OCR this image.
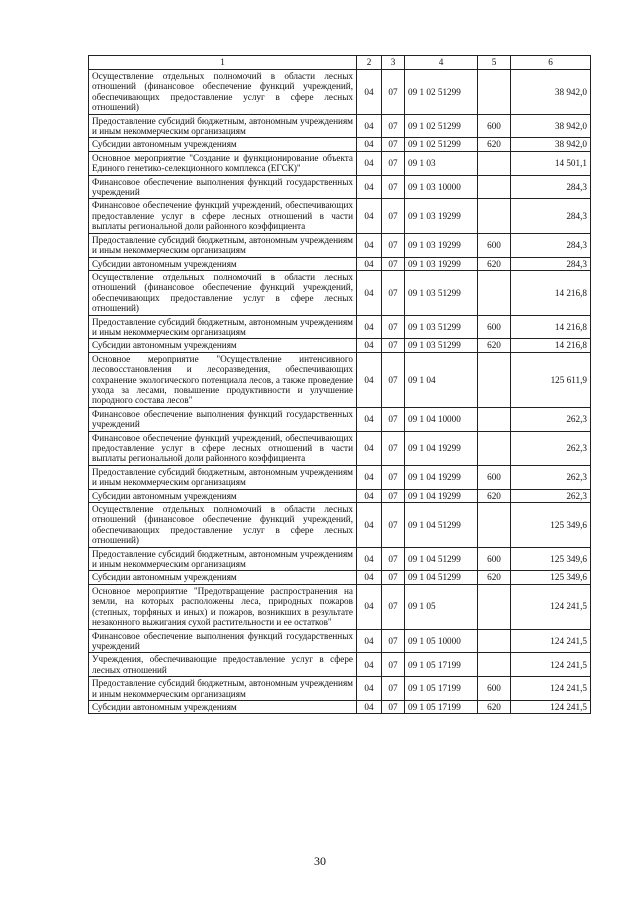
1	2	3	4	5	6
Осуществление отдельных полномочий в области лесных отношений (финансовое обеспечение функций учреждений, обеспечивающих предоставление услуг в сфере лесных отношений)	04	07	09 1 02 51299		38 942,0
Предоставление субсидий бюджетным, автономным учреждениям и иным некоммерческим организациям	04	07	09 1 02 51299	600	38 942,0
Субсидии автономным учреждениям	04	07	09 1 02 51299	620	38 942,0
Основное мероприятие "Создание и функционирование объекта Единого генетико-селекционного комплекса (ЕГСК)"	04	07	09 1 03		14 501,1
Финансовое обеспечение выполнения функций государственных учреждений	04	07	09 1 03 10000		284,3
Финансовое обеспечение функций учреждений, обеспечивающих предоставление услуг в сфере лесных отношений в части выплаты региональной доли районного коэффициента	04	07	09 1 03 19299		284,3
Предоставление субсидий бюджетным, автономным учреждениям и иным некоммерческим организациям	04	07	09 1 03 19299	600	284,3
Субсидии автономным учреждениям	04	07	09 1 03 19299	620	284,3
Осуществление отдельных полномочий в области лесных отношений (финансовое обеспечение функций учреждений, обеспечивающих предоставление услуг в сфере лесных отношений)	04	07	09 1 03 51299		14 216,8
Предоставление субсидий бюджетным, автономным учреждениям и иным некоммерческим организациям	04	07	09 1 03 51299	600	14 216,8
Субсидии автономным учреждениям	04	07	09 1 03 51299	620	14 216,8
Основное мероприятие "Осуществление интенсивного лесовосстановления и лесоразведения, обеспечивающих сохранение экологического потенциала лесов, а также проведение ухода за лесами, повышение продуктивности и улучшение породного состава лесов"	04	07	09 1 04		125 611,9
Финансовое обеспечение выполнения функций государственных учреждений	04	07	09 1 04 10000		262,3
Финансовое обеспечение функций учреждений, обеспечивающих предоставление услуг в сфере лесных отношений в части выплаты региональной доли районного коэффициента	04	07	09 1 04 19299		262,3
Предоставление субсидий бюджетным, автономным учреждениям и иным некоммерческим организациям	04	07	09 1 04 19299	600	262,3
Субсидии автономным учреждениям	04	07	09 1 04 19299	620	262,3
Осуществление отдельных полномочий в области лесных отношений (финансовое обеспечение функций учреждений, обеспечивающих предоставление услуг в сфере лесных отношений)	04	07	09 1 04 51299		125 349,6
Предоставление субсидий бюджетным, автономным учреждениям и иным некоммерческим организациям	04	07	09 1 04 51299	600	125 349,6
Субсидии автономным учреждениям	04	07	09 1 04 51299	620	125 349,6
Основное мероприятие "Предотвращение распространения на земли, на которых расположены леса, природных пожаров (степных, торфяных и иных) и пожаров, возникших в результате незаконного выжигания сухой растительности и ее остатков"	04	07	09 1 05		124 241,5
Финансовое обеспечение выполнения функций государственных учреждений	04	07	09 1 05 10000		124 241,5
Учреждения, обеспечивающие предоставление услуг в сфере лесных отношений	04	07	09 1 05 17199		124 241,5
Предоставление субсидий бюджетным, автономным учреждениям и иным некоммерческим организациям	04	07	09 1 05 17199	600	124 241,5
Субсидии автономным учреждениям	04	07	09 1 05 17199	620	124 241,5
30
